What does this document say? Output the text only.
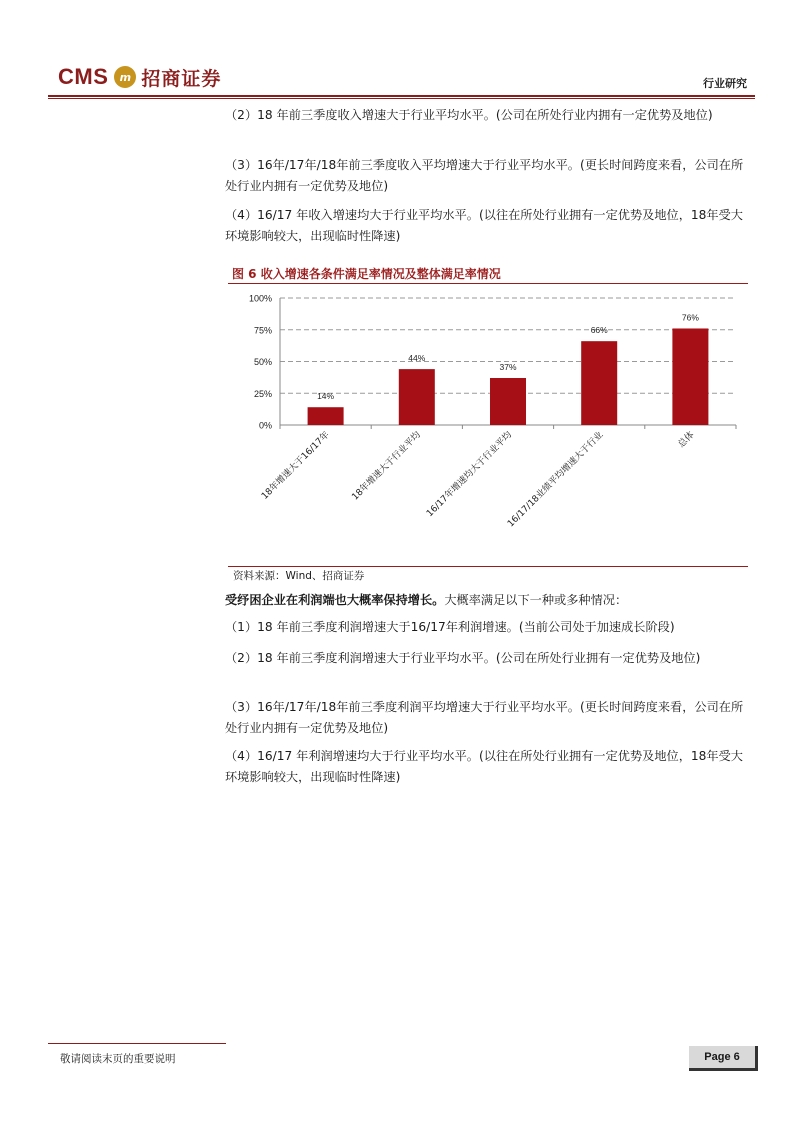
CMS	m 招商证券	行业研究
（2）18 年前三季度收入增速大于行业平均水平。(公司在所处行业内拥有一定优势及地位)
（3）16年/17年/18年前三季度收入平均增速大于行业平均水平。(更长时间跨度来看，公司在所处行业内拥有一定优势及地位)
（4）16/17 年收入增速均大于行业平均水平。(以往在所处行业拥有一定优势及地位，18年受大环境影响较大，出现临时性降速)
图 6 收入增速各条件满足率情况及整体满足率情况
0%
25%
50%
75%
100%
14%
18年增速大于16/17年
44%
18年增速大于行业平均
37%
16/17年增速均大于行业平均
66%
16/17/18业绩平均增速大于行业
76%
总体
资料来源：Wind、招商证券
受纾困企业在利润端也大概率保持增长。大概率满足以下一种或多种情况：
（1）18 年前三季度利润增速大于16/17年利润增速。(当前公司处于加速成长阶段)
（2）18 年前三季度利润增速大于行业平均水平。(公司在所处行业拥有一定优势及地位)
（3）16年/17年/18年前三季度利润平均增速大于行业平均水平。(更长时间跨度来看，公司在所处行业内拥有一定优势及地位)
（4）16/17 年利润增速均大于行业平均水平。(以往在所处行业拥有一定优势及地位，18年受大环境影响较大，出现临时性降速)
敬请阅读末页的重要说明	Page 6
